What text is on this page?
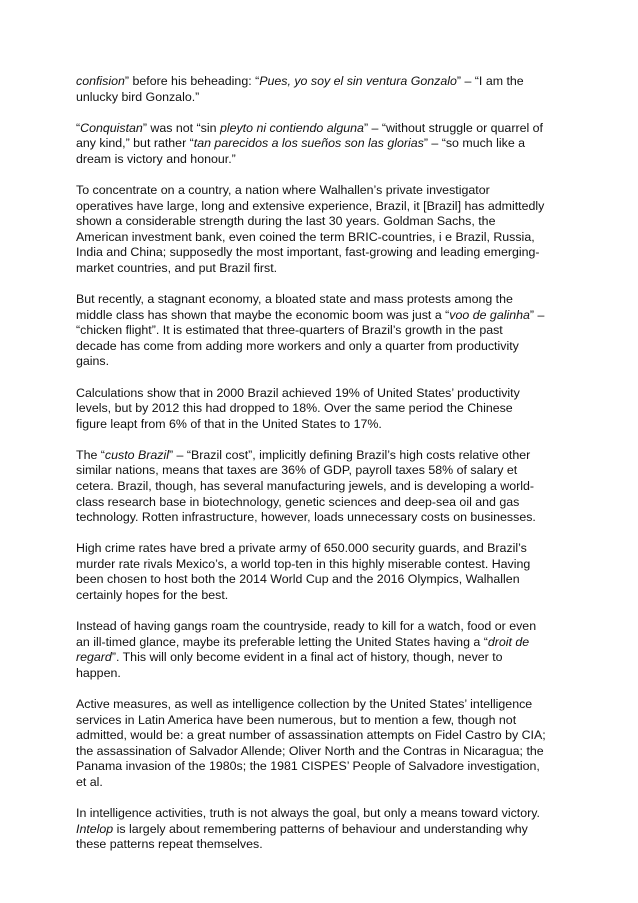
confision” before his beheading: “Pues, yo soy el sin ventura Gonzalo” – “I am the unlucky bird Gonzalo.”

“Conquistan” was not “sin pleyto ni contiendo alguna” – “without struggle or quarrel of any kind,” but rather “tan parecidos a los sueños son las glorias” – “so much like a dream is victory and honour.”

To concentrate on a country, a nation where Walhallen’s private investigator operatives have large, long and extensive experience, Brazil, it [Brazil] has admittedly shown a considerable strength during the last 30 years. Goldman Sachs, the American investment bank, even coined the term BRIC-countries, i e Brazil, Russia, India and China; supposedly the most important, fast-growing and leading emerging-market countries, and put Brazil first.

But recently, a stagnant economy, a bloated state and mass protests among the middle class has shown that maybe the economic boom was just a “voo de galinha” – “chicken flight”. It is estimated that three-quarters of Brazil’s growth in the past decade has come from adding more workers and only a quarter from productivity gains.

Calculations show that in 2000 Brazil achieved 19% of United States’ productivity levels, but by 2012 this had dropped to 18%. Over the same period the Chinese figure leapt from 6% of that in the United States to 17%.

The “custo Brazil” – “Brazil cost”, implicitly defining Brazil’s high costs relative other similar nations, means that taxes are 36% of GDP, payroll taxes 58% of salary et cetera. Brazil, though, has several manufacturing jewels, and is developing a world-class research base in biotechnology, genetic sciences and deep-sea oil and gas technology. Rotten infrastructure, however, loads unnecessary costs on businesses.

High crime rates have bred a private army of 650.000 security guards, and Brazil’s murder rate rivals Mexico’s, a world top-ten in this highly miserable contest. Having been chosen to host both the 2014 World Cup and the 2016 Olympics, Walhallen certainly hopes for the best.

Instead of having gangs roam the countryside, ready to kill for a watch, food or even an ill-timed glance, maybe its preferable letting the United States having a “droit de regard”. This will only become evident in a final act of history, though, never to happen.

Active measures, as well as intelligence collection by the United States’ intelligence services in Latin America have been numerous, but to mention a few, though not admitted, would be: a great number of assassination attempts on Fidel Castro by CIA; the assassination of Salvador Allende; Oliver North and the Contras in Nicaragua; the Panama invasion of the 1980s; the 1981 CISPES’ People of Salvadore investigation, et al.

In intelligence activities, truth is not always the goal, but only a means toward victory. Intelop is largely about remembering patterns of behaviour and understanding why these patterns repeat themselves.
